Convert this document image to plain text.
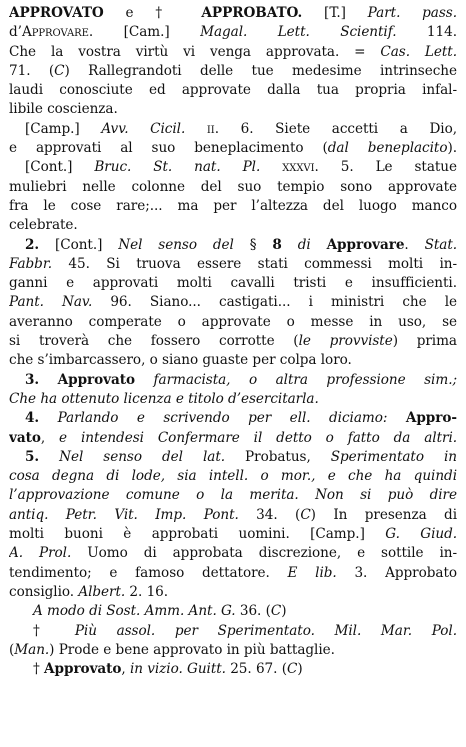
APPROVATO e † APPROBATO. [T.] Part. pass.
d’Approvare. [Cam.] Magal. Lett. Scientif. 114.
Che la vostra virtù vi venga approvata. = Cas. Lett.
71. (C) Rallegrandoti delle tue medesime intrinseche
laudi conosciute ed approvate dalla tua propria infal-
libile coscienza.
[Camp.] Avv. Cicil. ii. 6. Siete accetti a Dio,
e approvati al suo beneplacimento (dal beneplacito).
[Cont.] Bruc. St. nat. Pl. xxxvi. 5. Le statue
muliebri nelle colonne del suo tempio sono approvate
fra le cose rare;... ma per l’altezza del luogo manco
celebrate.
2. [Cont.] Nel senso del § 8 di Approvare. Stat.
Fabbr. 45. Si truova essere stati commessi molti in-
ganni e approvati molti cavalli tristi e insufficienti.
Pant. Nav. 96. Siano... castigati... i ministri che le
averanno comperate o approvate o messe in uso, se
si troverà che fossero corrotte (le provviste) prima
che s’imbarcassero, o siano guaste per colpa loro.
3. Approvato farmacista, o altra professione sim.;
Che ha ottenuto licenza e titolo d’esercitarla.
4. Parlando e scrivendo per ell. diciamo: Appro-
vato, e intendesi Confermare il detto o fatto da altri.
5. Nel senso del lat. Probatus, Sperimentato in
cosa degna di lode, sia intell. o mor., e che ha quindi
l’approvazione comune o la merita. Non si può dire
antiq. Petr. Vit. Imp. Pont. 34. (C) In presenza di
molti buoni è approbati uomini. [Camp.] G. Giud.
A. Prol. Uomo di approbata discrezione, e sottile in-
tendimento; e famoso dettatore. E lib. 3. Approbato
consiglio. Albert. 2. 16.
A modo di Sost. Amm. Ant. G. 36. (C)
† Più assol. per Sperimentato. Mil. Mar. Pol.
(Man.) Prode e bene approvato in più battaglie.
† Approvato, in vizio. Guitt. 25. 67. (C)
